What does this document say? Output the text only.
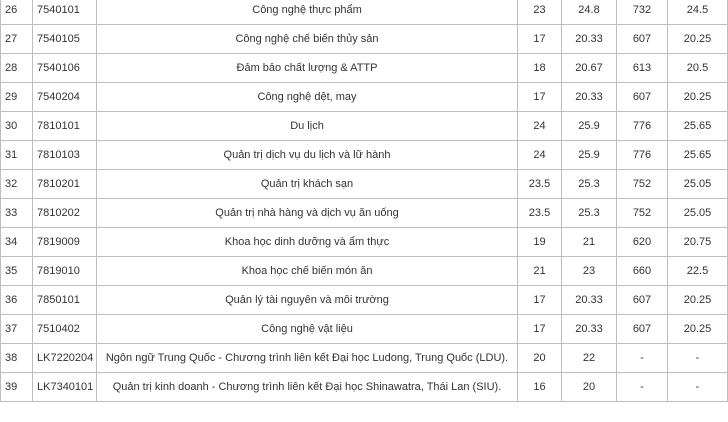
26	7540101	Công nghệ thực phẩm	23	24.8	732	24.5
27	7540105	Công nghệ chế biến thủy sản	17	20.33	607	20.25
28	7540106	Đảm bảo chất lượng & ATTP	18	20.67	613	20.5
29	7540204	Công nghệ dệt, may	17	20.33	607	20.25
30	7810101	Du lịch	24	25.9	776	25.65
31	7810103	Quản trị dịch vụ du lịch và lữ hành	24	25.9	776	25.65
32	7810201	Quản trị khách sạn	23.5	25.3	752	25.05
33	7810202	Quản trị nhà hàng và dịch vụ ăn uống	23.5	25.3	752	25.05
34	7819009	Khoa học dinh dưỡng và ẩm thực	19	21	620	20.75
35	7819010	Khoa học chế biến món ăn	21	23	660	22.5
36	7850101	Quản lý tài nguyên và môi trường	17	20.33	607	20.25
37	7510402	Công nghệ vật liệu	17	20.33	607	20.25
38	LK7220204	Ngôn ngữ Trung Quốc - Chương trình liên kết Đại học Ludong, Trung Quốc (LDU).	20	22	-	-
39	LK7340101	Quản trị kinh doanh - Chương trình liên kết Đại học Shinawatra, Thái Lan (SIU).	16	20	-	-
